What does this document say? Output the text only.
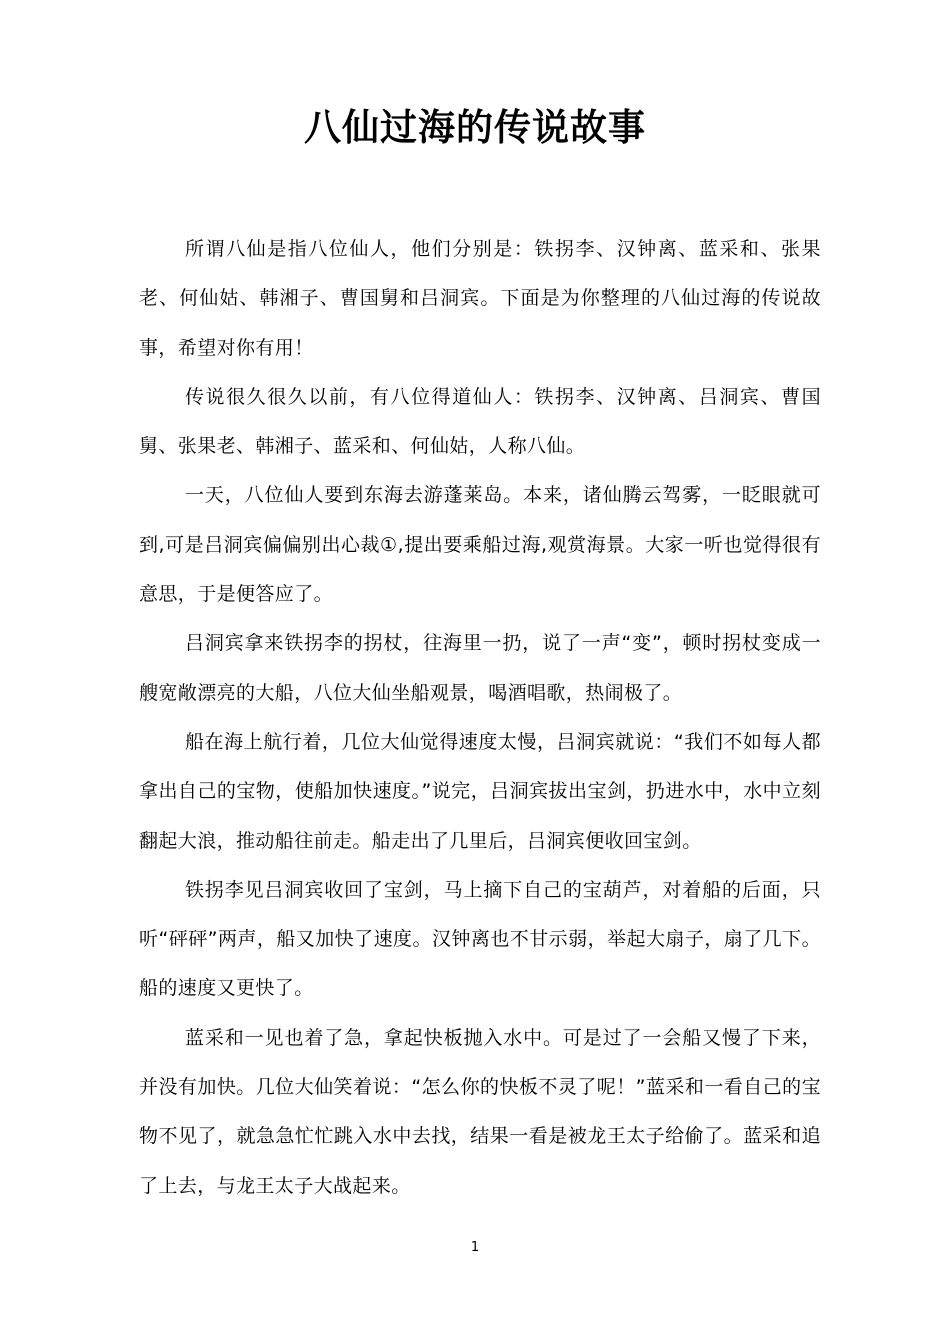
八仙过海的传说故事

所谓八仙是指八位仙人，他们分别是：铁拐李、汉钟离、蓝采和、张果老、何仙姑、韩湘子、曹国舅和吕洞宾。下面是为你整理的八仙过海的传说故事，希望对你有用！

传说很久很久以前，有八位得道仙人：铁拐李、汉钟离、吕洞宾、曹国舅、张果老、韩湘子、蓝采和、何仙姑，人称八仙。

一天，八位仙人要到东海去游蓬莱岛。本来，诸仙腾云驾雾，一眨眼就可到,可是吕洞宾偏偏别出心裁①,提出要乘船过海,观赏海景。大家一听也觉得很有意思，于是便答应了。

吕洞宾拿来铁拐李的拐杖，往海里一扔，说了一声“变”，顿时拐杖变成一艘宽敞漂亮的大船，八位大仙坐船观景，喝酒唱歌，热闹极了。

船在海上航行着，几位大仙觉得速度太慢，吕洞宾就说：“我们不如每人都拿出自己的宝物，使船加快速度。”说完，吕洞宾拔出宝剑，扔进水中，水中立刻翻起大浪，推动船往前走。船走出了几里后，吕洞宾便收回宝剑。

铁拐李见吕洞宾收回了宝剑，马上摘下自己的宝葫芦，对着船的后面，只听“砰砰”两声，船又加快了速度。汉钟离也不甘示弱，举起大扇子，扇了几下。船的速度又更快了。

蓝采和一见也着了急，拿起快板抛入水中。可是过了一会船又慢了下来，并没有加快。几位大仙笑着说：“怎么你的快板不灵了呢！”蓝采和一看自己的宝物不见了，就急急忙忙跳入水中去找，结果一看是被龙王太子给偷了。蓝采和追了上去，与龙王太子大战起来。

1
